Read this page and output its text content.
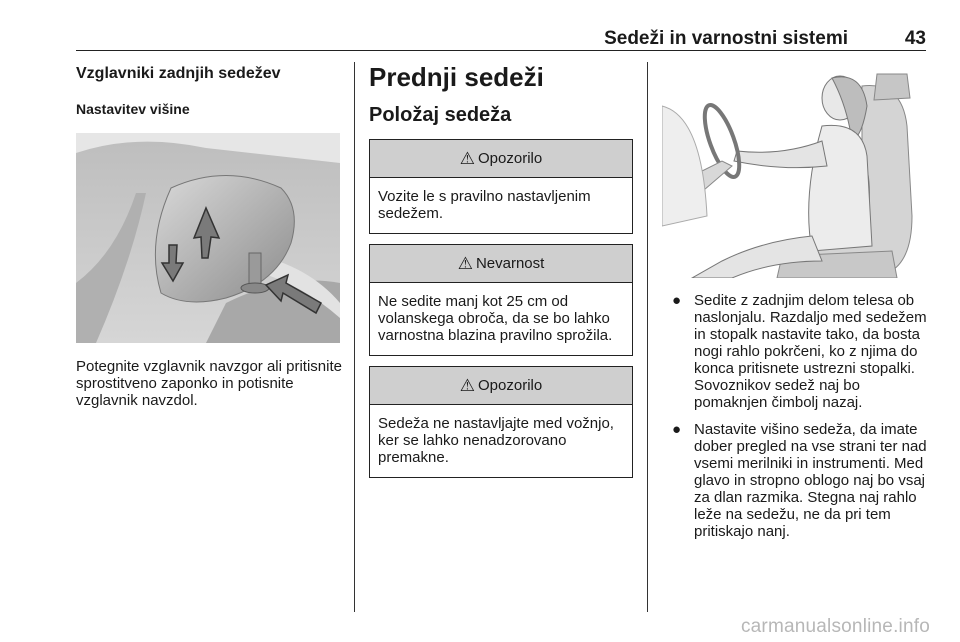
Sedeži in varnostni sistemi	43
Vzglavniki zadnjih sedežev
Nastavitev višine
Potegnite vzglavnik navzgor ali pritisnite sprostitveno zaponko in potisnite vzglavnik navzdol.
Prednji sedeži
Položaj sedeža
⚠ Opozorilo
Vozite le s pravilno nastavljenim sedežem.
⚠ Nevarnost
Ne sedite manj kot 25 cm od volanskega obroča, da se bo lahko varnostna blazina pravilno sprožila.
⚠ Opozorilo
Sedeža ne nastavljajte med vožnjo, ker se lahko nenadzorovano premakne.
● Sedite z zadnjim delom telesa ob naslonjalu. Razdaljo med sedežem in stopalk nastavite tako, da bosta nogi rahlo pokrčeni, ko z njima do konca pritisnete ustrezni stopalki. Sovoznikov sedež naj bo pomaknjen čimbolj nazaj.
● Nastavite višino sedeža, da imate dober pregled na vse strani ter nad vsemi merilniki in instrumenti. Med glavo in stropno oblogo naj bo vsaj za dlan razmika. Stegna naj rahlo leže na sedežu, ne da pri tem pritiskajo nanj.
carmanualsonline.info
